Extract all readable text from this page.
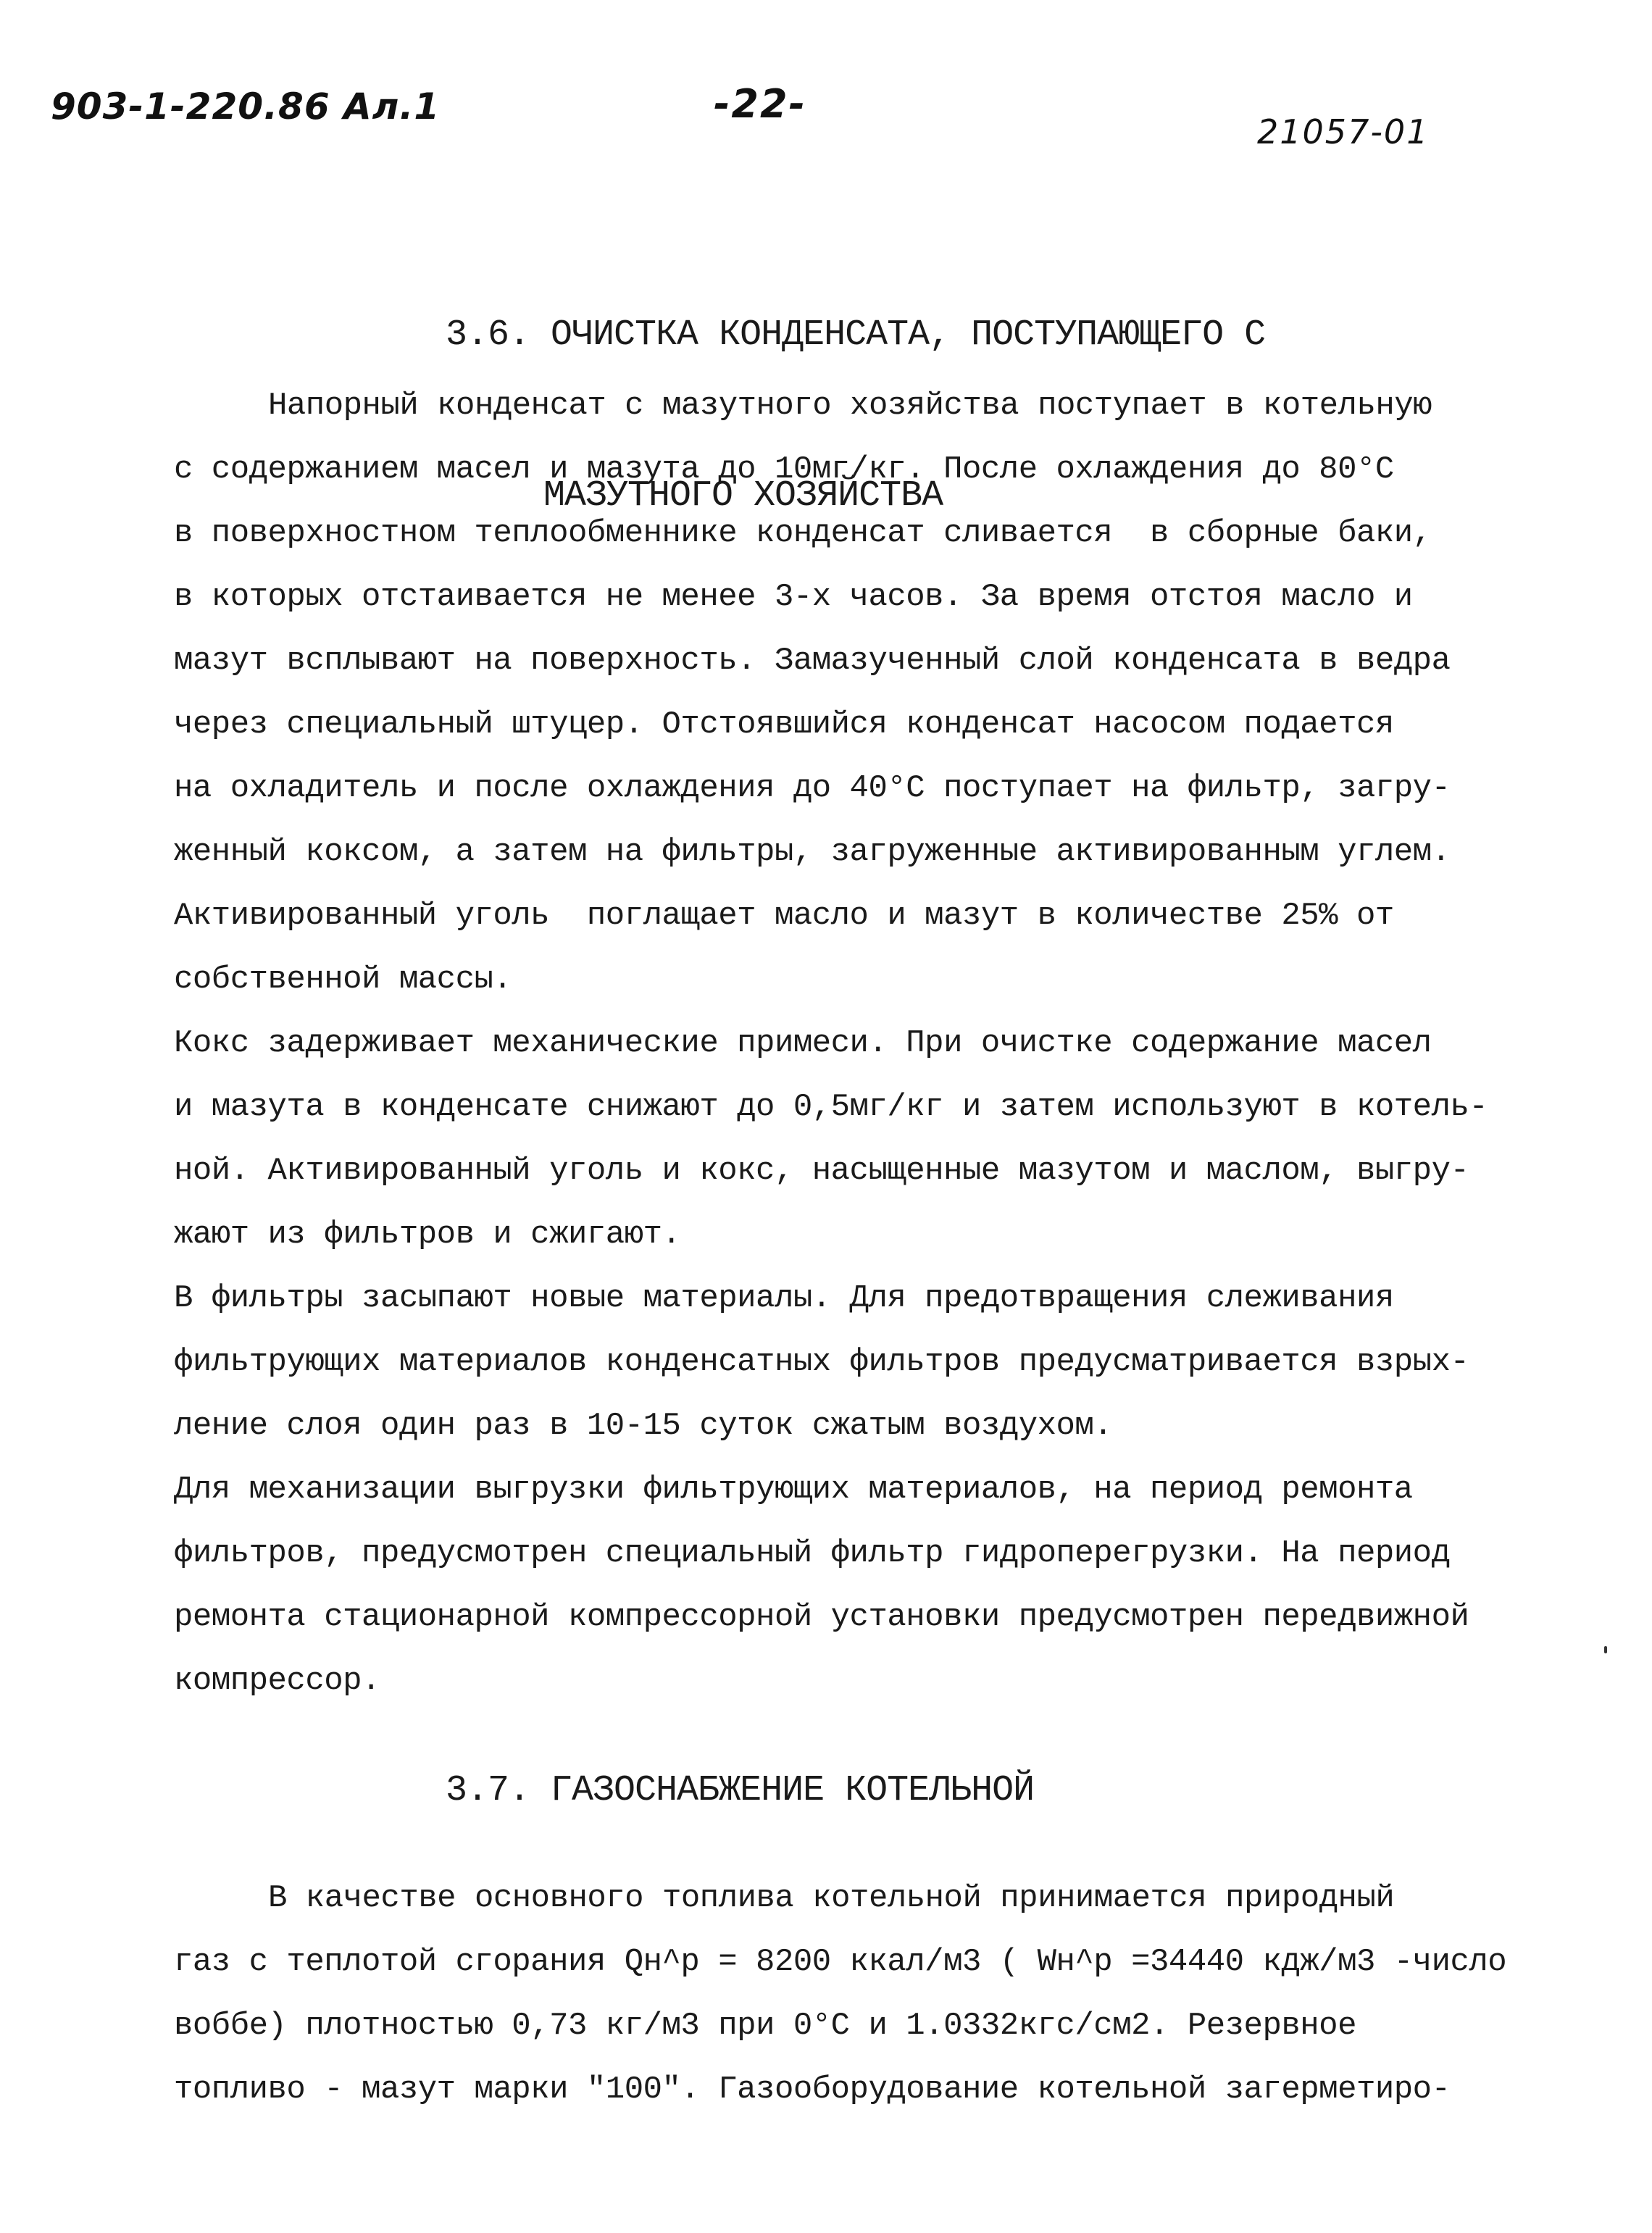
903-1-220.86 Ал.1	-22-
21057-01

3.6. ОЧИСТКА КОНДЕНСАТА, ПОСТУПАЮЩЕГО С

МАЗУТНОГО ХОЗЯЙСТВА

Напорный конденсат с мазутного хозяйства поступает в котельную
с содержанием масел и мазута до 10мг/кг. После охлаждения до 80°С
в поверхностном теплообменнике конденсат сливается  в сборные баки,
в которых отстаивается не менее 3-х часов. За время отстоя масло и
мазут всплывают на поверхность. Замазученный слой конденсата в ведра
через специальный штуцер. Отстоявшийся конденсат насосом подается
на охладитель и после охлаждения до 40°С поступает на фильтр, загру-
женный коксом, а затем на фильтры, загруженные активированным углем.
Активированный уголь  поглащает масло и мазут в количестве 25% от
собственной массы.
Кокс задерживает механические примеси. При очистке содержание масел
и мазута в конденсате снижают до 0,5мг/кг и затем используют в котель-
ной. Активированный уголь и кокс, насыщенные мазутом и маслом, выгру-
жают из фильтров и сжигают.
В фильтры засыпают новые материалы. Для предотвращения слеживания
фильтрующих материалов конденсатных фильтров предусматривается взрых-
ление слоя один раз в 10-15 суток сжатым воздухом.
Для механизации выгрузки фильтрующих материалов, на период ремонта
фильтров, предусмотрен специальный фильтр гидроперегрузки. На период
ремонта стационарной компрессорной установки предусмотрен передвижной
компрессор.
3.7. ГАЗОСНАБЖЕНИЕ КОТЕЛЬНОЙ
В качестве основного топлива котельной принимается природный
газ с теплотой сгорания Qн^р = 8200 ккал/м3 ( Wн^р =34440 кдж/м3 -число
воббе) плотностью 0,73 кг/м3 при 0°С и 1.0332кгс/см2. Резервное
топливо - мазут марки "100". Газооборудование котельной загерметиро-
